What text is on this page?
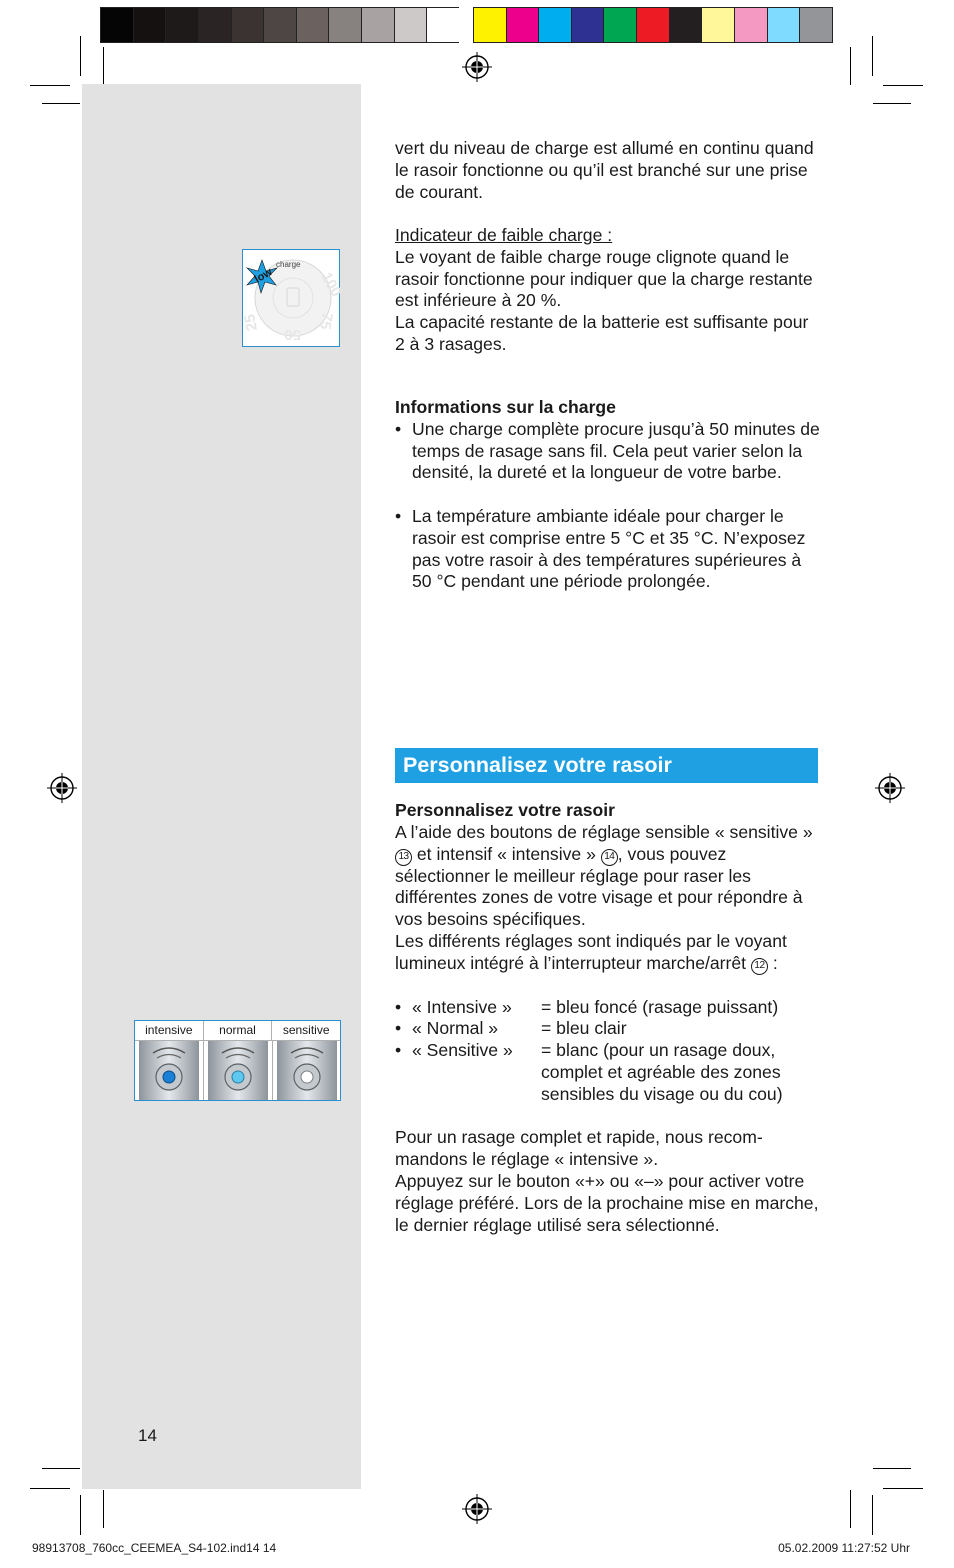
100
75
50
25
charge
low
intensive	normal	sensitive

vert du niveau de charge est allumé en continu quand le rasoir fonctionne ou qu’il est branché sur une prise de courant.

Indicateur de faible charge :

Le voyant de faible charge rouge clignote quand le rasoir fonctionne pour indiquer que la charge restante est inférieure à 20 %.

La capacité restante de la batterie est suffisante pour 2 à 3 rasages.

Informations sur la charge

• Une charge complète procure jusqu’à 50 minutes de temps de rasage sans fil. Cela peut varier selon la densité, la dureté et la longueur de votre barbe.

• La température ambiante idéale pour charger le rasoir est comprise entre 5 °C et 35 °C. N’exposez pas votre rasoir à des températures supérieures à 50 °C pendant une période prolongée.

Personnalisez votre rasoir

Personnalisez votre rasoir

A l’aide des boutons de réglage sensible « sensitive » 13 et intensif « intensive » 14 , vous pouvez sélectionner le meilleur réglage pour raser les différentes zones de votre visage et pour répondre à vos besoins spécifiques.

Les différents réglages sont indiqués par le voyant lumineux intégré à l’interrupteur marche/arrêt 12 :

• « Intensive » = bleu foncé (rasage puissant)
• « Normal » = bleu clair
• « Sensitive » = blanc (pour un rasage doux,

complet et agréable des zones

sensibles du visage ou du cou)

Pour un rasage complet et rapide, nous recom-mandons le réglage « intensive ».

Appuyez sur le bouton «+» ou «–» pour activer votre réglage préféré. Lors de la prochaine mise en marche, le dernier réglage utilisé sera sélectionné.

14
98913708_760cc_CEEMEA_S4-102.ind14 14	05.02.2009 11:27:52 Uhr
